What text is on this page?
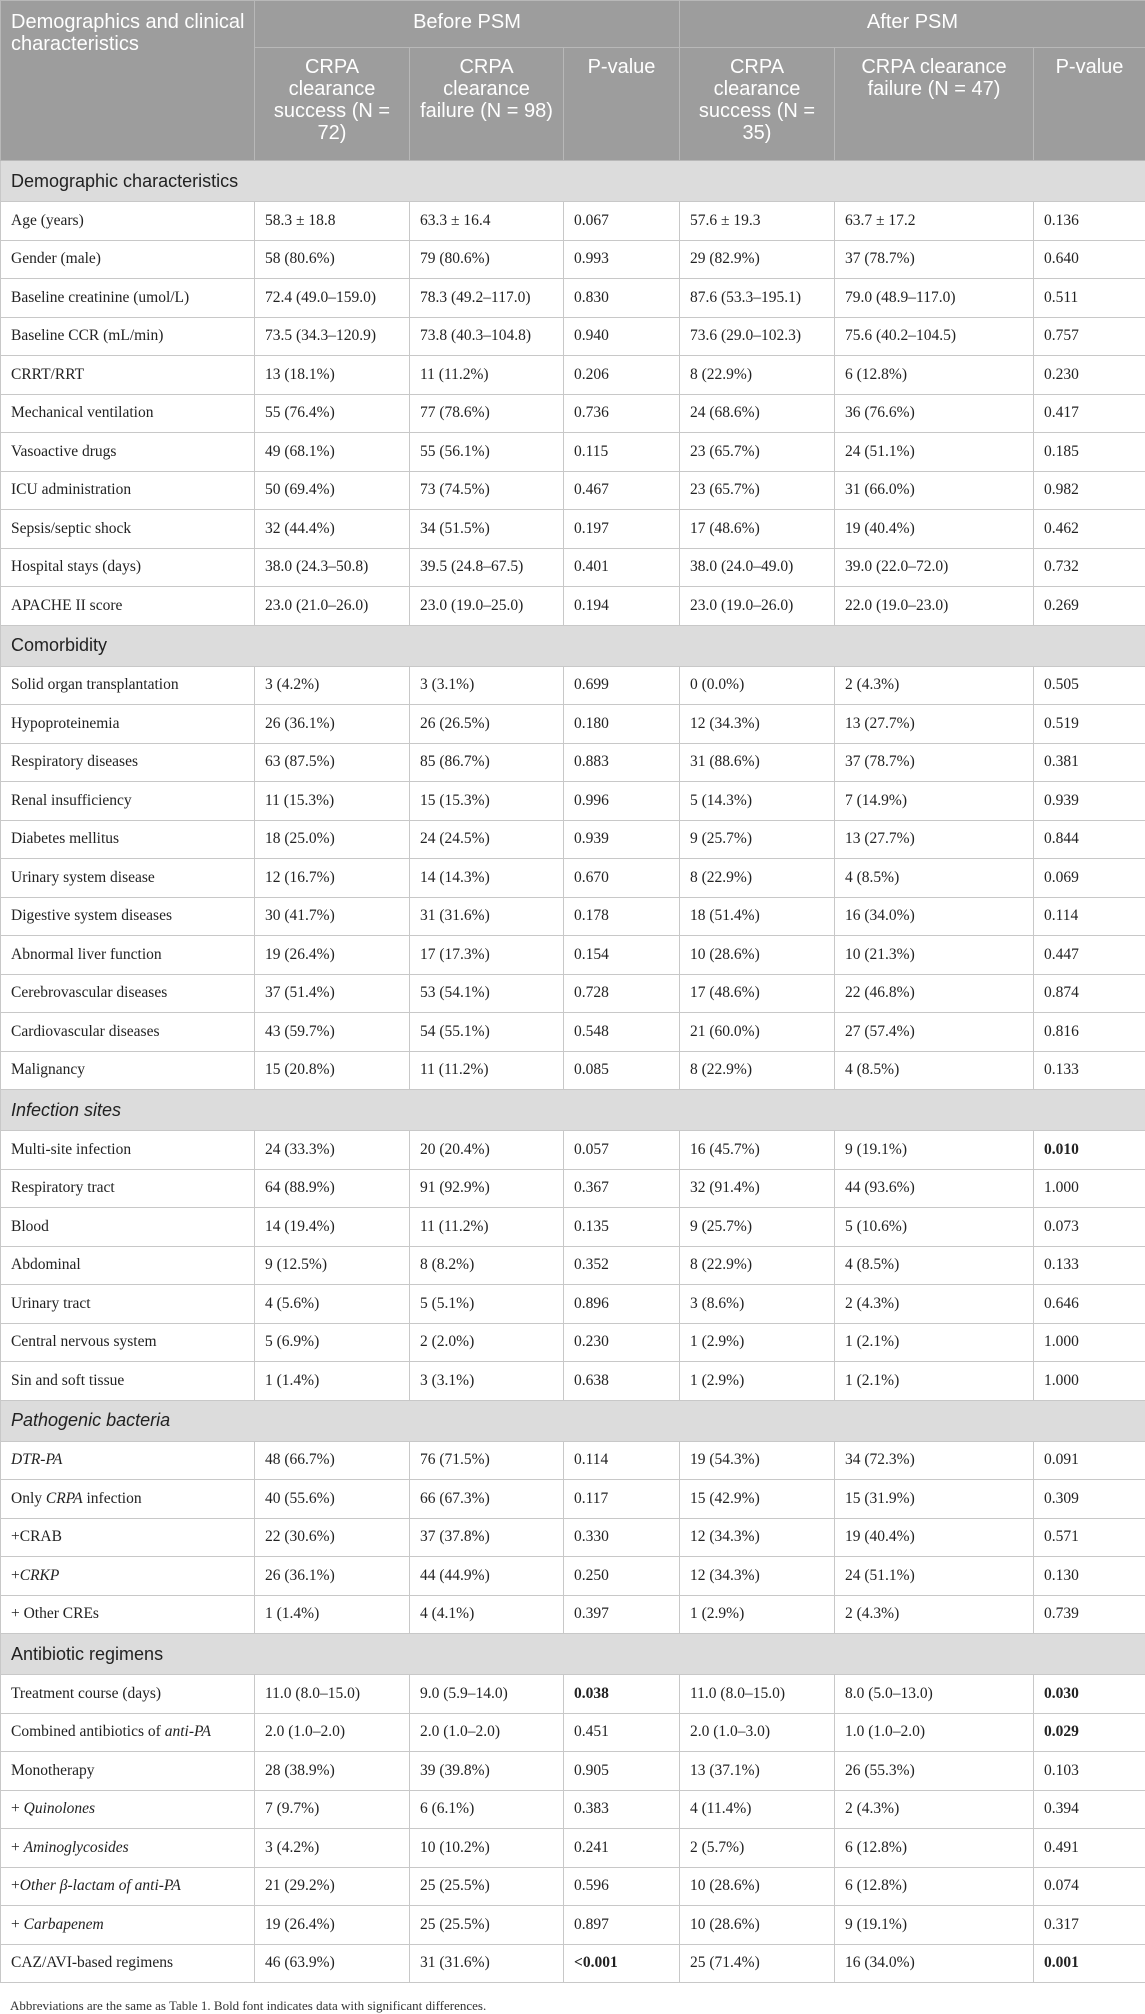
Demographics and clinical characteristics	Before PSM			After PSM		
	CRPA clearance success (N = 72)	CRPA clearance failure (N = 98)	P-value	CRPA clearance success (N = 35)	CRPA clearance failure (N = 47)	P-value
Demographic characteristics						
Age (years)	58.3 ± 18.8	63.3 ± 16.4	0.067	57.6 ± 19.3	63.7 ± 17.2	0.136
Gender (male)	58 (80.6%)	79 (80.6%)	0.993	29 (82.9%)	37 (78.7%)	0.640
Baseline creatinine (umol/L)	72.4 (49.0–159.0)	78.3 (49.2–117.0)	0.830	87.6 (53.3–195.1)	79.0 (48.9–117.0)	0.511
Baseline CCR (mL/min)	73.5 (34.3–120.9)	73.8 (40.3–104.8)	0.940	73.6 (29.0–102.3)	75.6 (40.2–104.5)	0.757
CRRT/RRT	13 (18.1%)	11 (11.2%)	0.206	8 (22.9%)	6 (12.8%)	0.230
Mechanical ventilation	55 (76.4%)	77 (78.6%)	0.736	24 (68.6%)	36 (76.6%)	0.417
Vasoactive drugs	49 (68.1%)	55 (56.1%)	0.115	23 (65.7%)	24 (51.1%)	0.185
ICU administration	50 (69.4%)	73 (74.5%)	0.467	23 (65.7%)	31 (66.0%)	0.982
Sepsis/septic shock	32 (44.4%)	34 (51.5%)	0.197	17 (48.6%)	19 (40.4%)	0.462
Hospital stays (days)	38.0 (24.3–50.8)	39.5 (24.8–67.5)	0.401	38.0 (24.0–49.0)	39.0 (22.0–72.0)	0.732
APACHE II score	23.0 (21.0–26.0)	23.0 (19.0–25.0)	0.194	23.0 (19.0–26.0)	22.0 (19.0–23.0)	0.269
Comorbidity						
Solid organ transplantation	3 (4.2%)	3 (3.1%)	0.699	0 (0.0%)	2 (4.3%)	0.505
Hypoproteinemia	26 (36.1%)	26 (26.5%)	0.180	12 (34.3%)	13 (27.7%)	0.519
Respiratory diseases	63 (87.5%)	85 (86.7%)	0.883	31 (88.6%)	37 (78.7%)	0.381
Renal insufficiency	11 (15.3%)	15 (15.3%)	0.996	5 (14.3%)	7 (14.9%)	0.939
Diabetes mellitus	18 (25.0%)	24 (24.5%)	0.939	9 (25.7%)	13 (27.7%)	0.844
Urinary system disease	12 (16.7%)	14 (14.3%)	0.670	8 (22.9%)	4 (8.5%)	0.069
Digestive system diseases	30 (41.7%)	31 (31.6%)	0.178	18 (51.4%)	16 (34.0%)	0.114
Abnormal liver function	19 (26.4%)	17 (17.3%)	0.154	10 (28.6%)	10 (21.3%)	0.447
Cerebrovascular diseases	37 (51.4%)	53 (54.1%)	0.728	17 (48.6%)	22 (46.8%)	0.874
Cardiovascular diseases	43 (59.7%)	54 (55.1%)	0.548	21 (60.0%)	27 (57.4%)	0.816
Malignancy	15 (20.8%)	11 (11.2%)	0.085	8 (22.9%)	4 (8.5%)	0.133
Infection sites						
Multi-site infection	24 (33.3%)	20 (20.4%)	0.057	16 (45.7%)	9 (19.1%)	0.010
Respiratory tract	64 (88.9%)	91 (92.9%)	0.367	32 (91.4%)	44 (93.6%)	1.000
Blood	14 (19.4%)	11 (11.2%)	0.135	9 (25.7%)	5 (10.6%)	0.073
Abdominal	9 (12.5%)	8 (8.2%)	0.352	8 (22.9%)	4 (8.5%)	0.133
Urinary tract	4 (5.6%)	5 (5.1%)	0.896	3 (8.6%)	2 (4.3%)	0.646
Central nervous system	5 (6.9%)	2 (2.0%)	0.230	1 (2.9%)	1 (2.1%)	1.000
Sin and soft tissue	1 (1.4%)	3 (3.1%)	0.638	1 (2.9%)	1 (2.1%)	1.000
Pathogenic bacteria						
DTR-PA	48 (66.7%)	76 (71.5%)	0.114	19 (54.3%)	34 (72.3%)	0.091
Only CRPA infection	40 (55.6%)	66 (67.3%)	0.117	15 (42.9%)	15 (31.9%)	0.309
+CRAB	22 (30.6%)	37 (37.8%)	0.330	12 (34.3%)	19 (40.4%)	0.571
+CRKP	26 (36.1%)	44 (44.9%)	0.250	12 (34.3%)	24 (51.1%)	0.130
+ Other CREs	1 (1.4%)	4 (4.1%)	0.397	1 (2.9%)	2 (4.3%)	0.739
Antibiotic regimens						
Treatment course (days)	11.0 (8.0–15.0)	9.0 (5.9–14.0)	0.038	11.0 (8.0–15.0)	8.0 (5.0–13.0)	0.030
Combined antibiotics of anti-PA	2.0 (1.0–2.0)	2.0 (1.0–2.0)	0.451	2.0 (1.0–3.0)	1.0 (1.0–2.0)	0.029
Monotherapy	28 (38.9%)	39 (39.8%)	0.905	13 (37.1%)	26 (55.3%)	0.103
+ Quinolones	7 (9.7%)	6 (6.1%)	0.383	4 (11.4%)	2 (4.3%)	0.394
+ Aminoglycosides	3 (4.2%)	10 (10.2%)	0.241	2 (5.7%)	6 (12.8%)	0.491
+Other β-lactam of anti-PA	21 (29.2%)	25 (25.5%)	0.596	10 (28.6%)	6 (12.8%)	0.074
+ Carbapenem	19 (26.4%)	25 (25.5%)	0.897	10 (28.6%)	9 (19.1%)	0.317
CAZ/AVI-based regimens	46 (63.9%)	31 (31.6%)	<0.001	25 (71.4%)	16 (34.0%)	0.001
Abbreviations are the same as Table 1. Bold font indicates data with significant differences.
